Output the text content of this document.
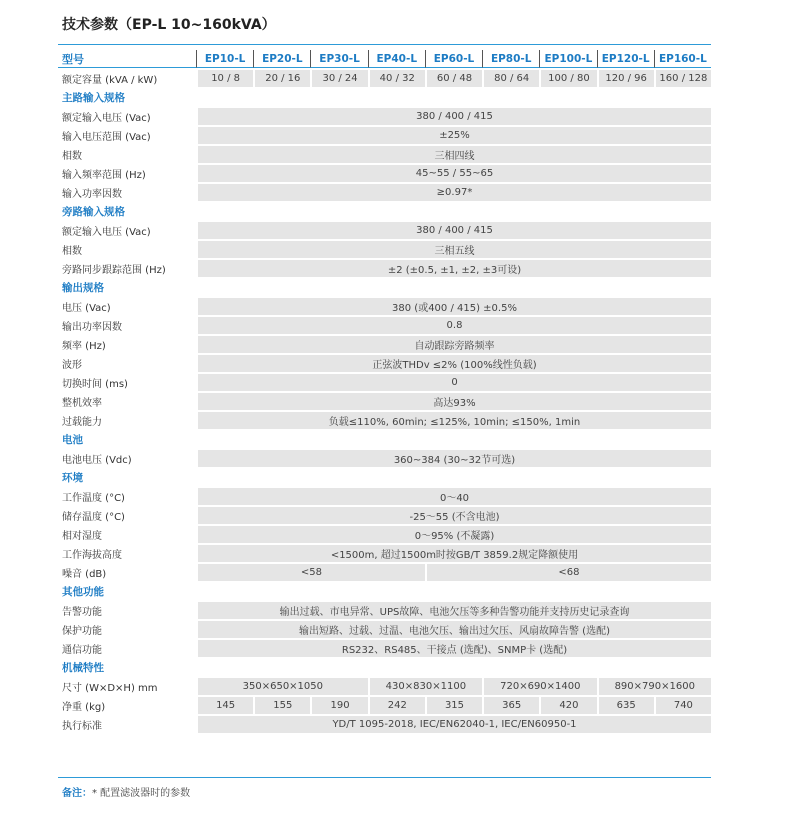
技术参数（EP-L 10~160kVA）
型号	EP10-L	EP20-L	EP30-L	EP40-L	EP60-L	EP80-L	EP100-L	EP120-L	EP160-L
额定容量 (kVA / kW)	10 / 8	20 / 16	30 / 24	40 / 32	60 / 48	80 / 64	100 / 80	120 / 96	160 / 128
主路输入规格									
额定输入电压 (Vac)	380 / 400 / 415								
输入电压范围 (Vac)	±25%								
相数	三相四线								
输入频率范围 (Hz)	45~55 / 55~65								
输入功率因数	≥0.97*								
旁路输入规格									
额定输入电压 (Vac)	380 / 400 / 415								
相数	三相五线								
旁路同步跟踪范围 (Hz)	±2 (±0.5, ±1, ±2, ±3可设)								
输出规格									
电压 (Vac)	380 (或400 / 415) ±0.5%								
输出功率因数	0.8								
频率 (Hz)	自动跟踪旁路频率								
波形	正弦波THDv ≤2% (100%线性负载)								
切换时间 (ms)	0								
整机效率	高达93%								
过载能力	负载≤110%, 60min; ≤125%, 10min; ≤150%, 1min								
电池									
电池电压 (Vdc)	360~384 (30~32节可选)								
环境									
工作温度 (°C)	0～40								
储存温度 (°C)	-25～55 (不含电池)								
相对湿度	0～95% (不凝露)								
工作海拔高度	<1500m, 超过1500m时按GB/T 3859.2规定降额使用								
噪音 (dB)	<58				<68				
其他功能									
告警功能	输出过载、市电异常、UPS故障、电池欠压等多种告警功能并支持历史记录查询								
保护功能	输出短路、过载、过温、电池欠压、输出过欠压、风扇故障告警 (选配)								
通信功能	RS232、RS485、干接点 (选配)、SNMP卡 (选配)								
机械特性									
尺寸 (W×D×H) mm	350×650×1050			430×830×1100		720×690×1400		890×790×1600	
净重 (kg)	145	155	190	242	315	365	420	635	740
执行标准	YD/T 1095-2018, IEC/EN62040-1, IEC/EN60950-1								
备注：* 配置滤波器时的参数
